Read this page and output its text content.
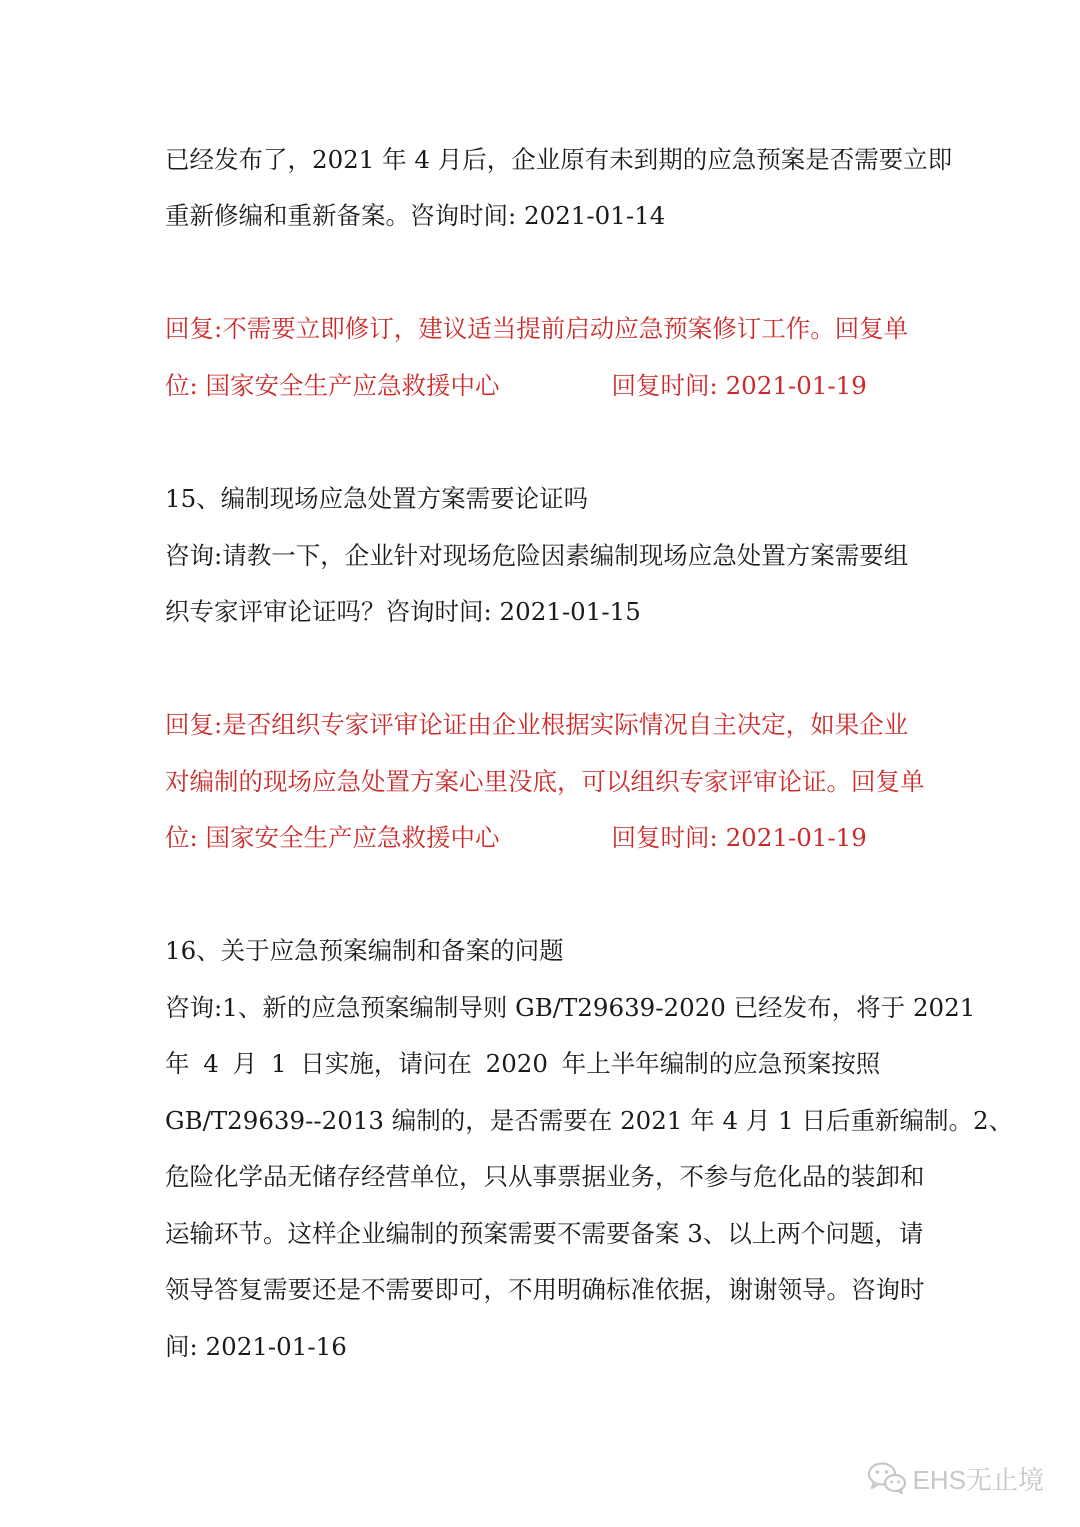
已经发布了，2021 年 4 月后，企业原有未到期的应急预案是否需要立即
重新修编和重新备案。咨询时间: 2021-01-14
回复:不需要立即修订，建议适当提前启动应急预案修订工作。回复单
位: 国家安全生产应急救援中心	回复时间: 2021-01-19
15、编制现场应急处置方案需要论证吗
咨询:请教一下，企业针对现场危险因素编制现场应急处置方案需要组
织专家评审论证吗？咨询时间: 2021-01-15
回复:是否组织专家评审论证由企业根据实际情况自主决定，如果企业
对编制的现场应急处置方案心里没底，可以组织专家评审论证。回复单
位: 国家安全生产应急救援中心	回复时间: 2021-01-19
16、关于应急预案编制和备案的问题
咨询:1、新的应急预案编制导则 GB/T29639-2020 已经发布，将于 2021
年 4 月 1 日实施，请问在 2020 年上半年编制的应急预案按照
GB/T29639--2013 编制的，是否需要在 2021 年 4 月 1 日后重新编制。2、
危险化学品无储存经营单位，只从事票据业务，不参与危化品的装卸和
运输环节。这样企业编制的预案需要不需要备案 3、以上两个问题，请
领导答复需要还是不需要即可，不用明确标准依据，谢谢领导。咨询时
间: 2021-01-16
EHS无止境
